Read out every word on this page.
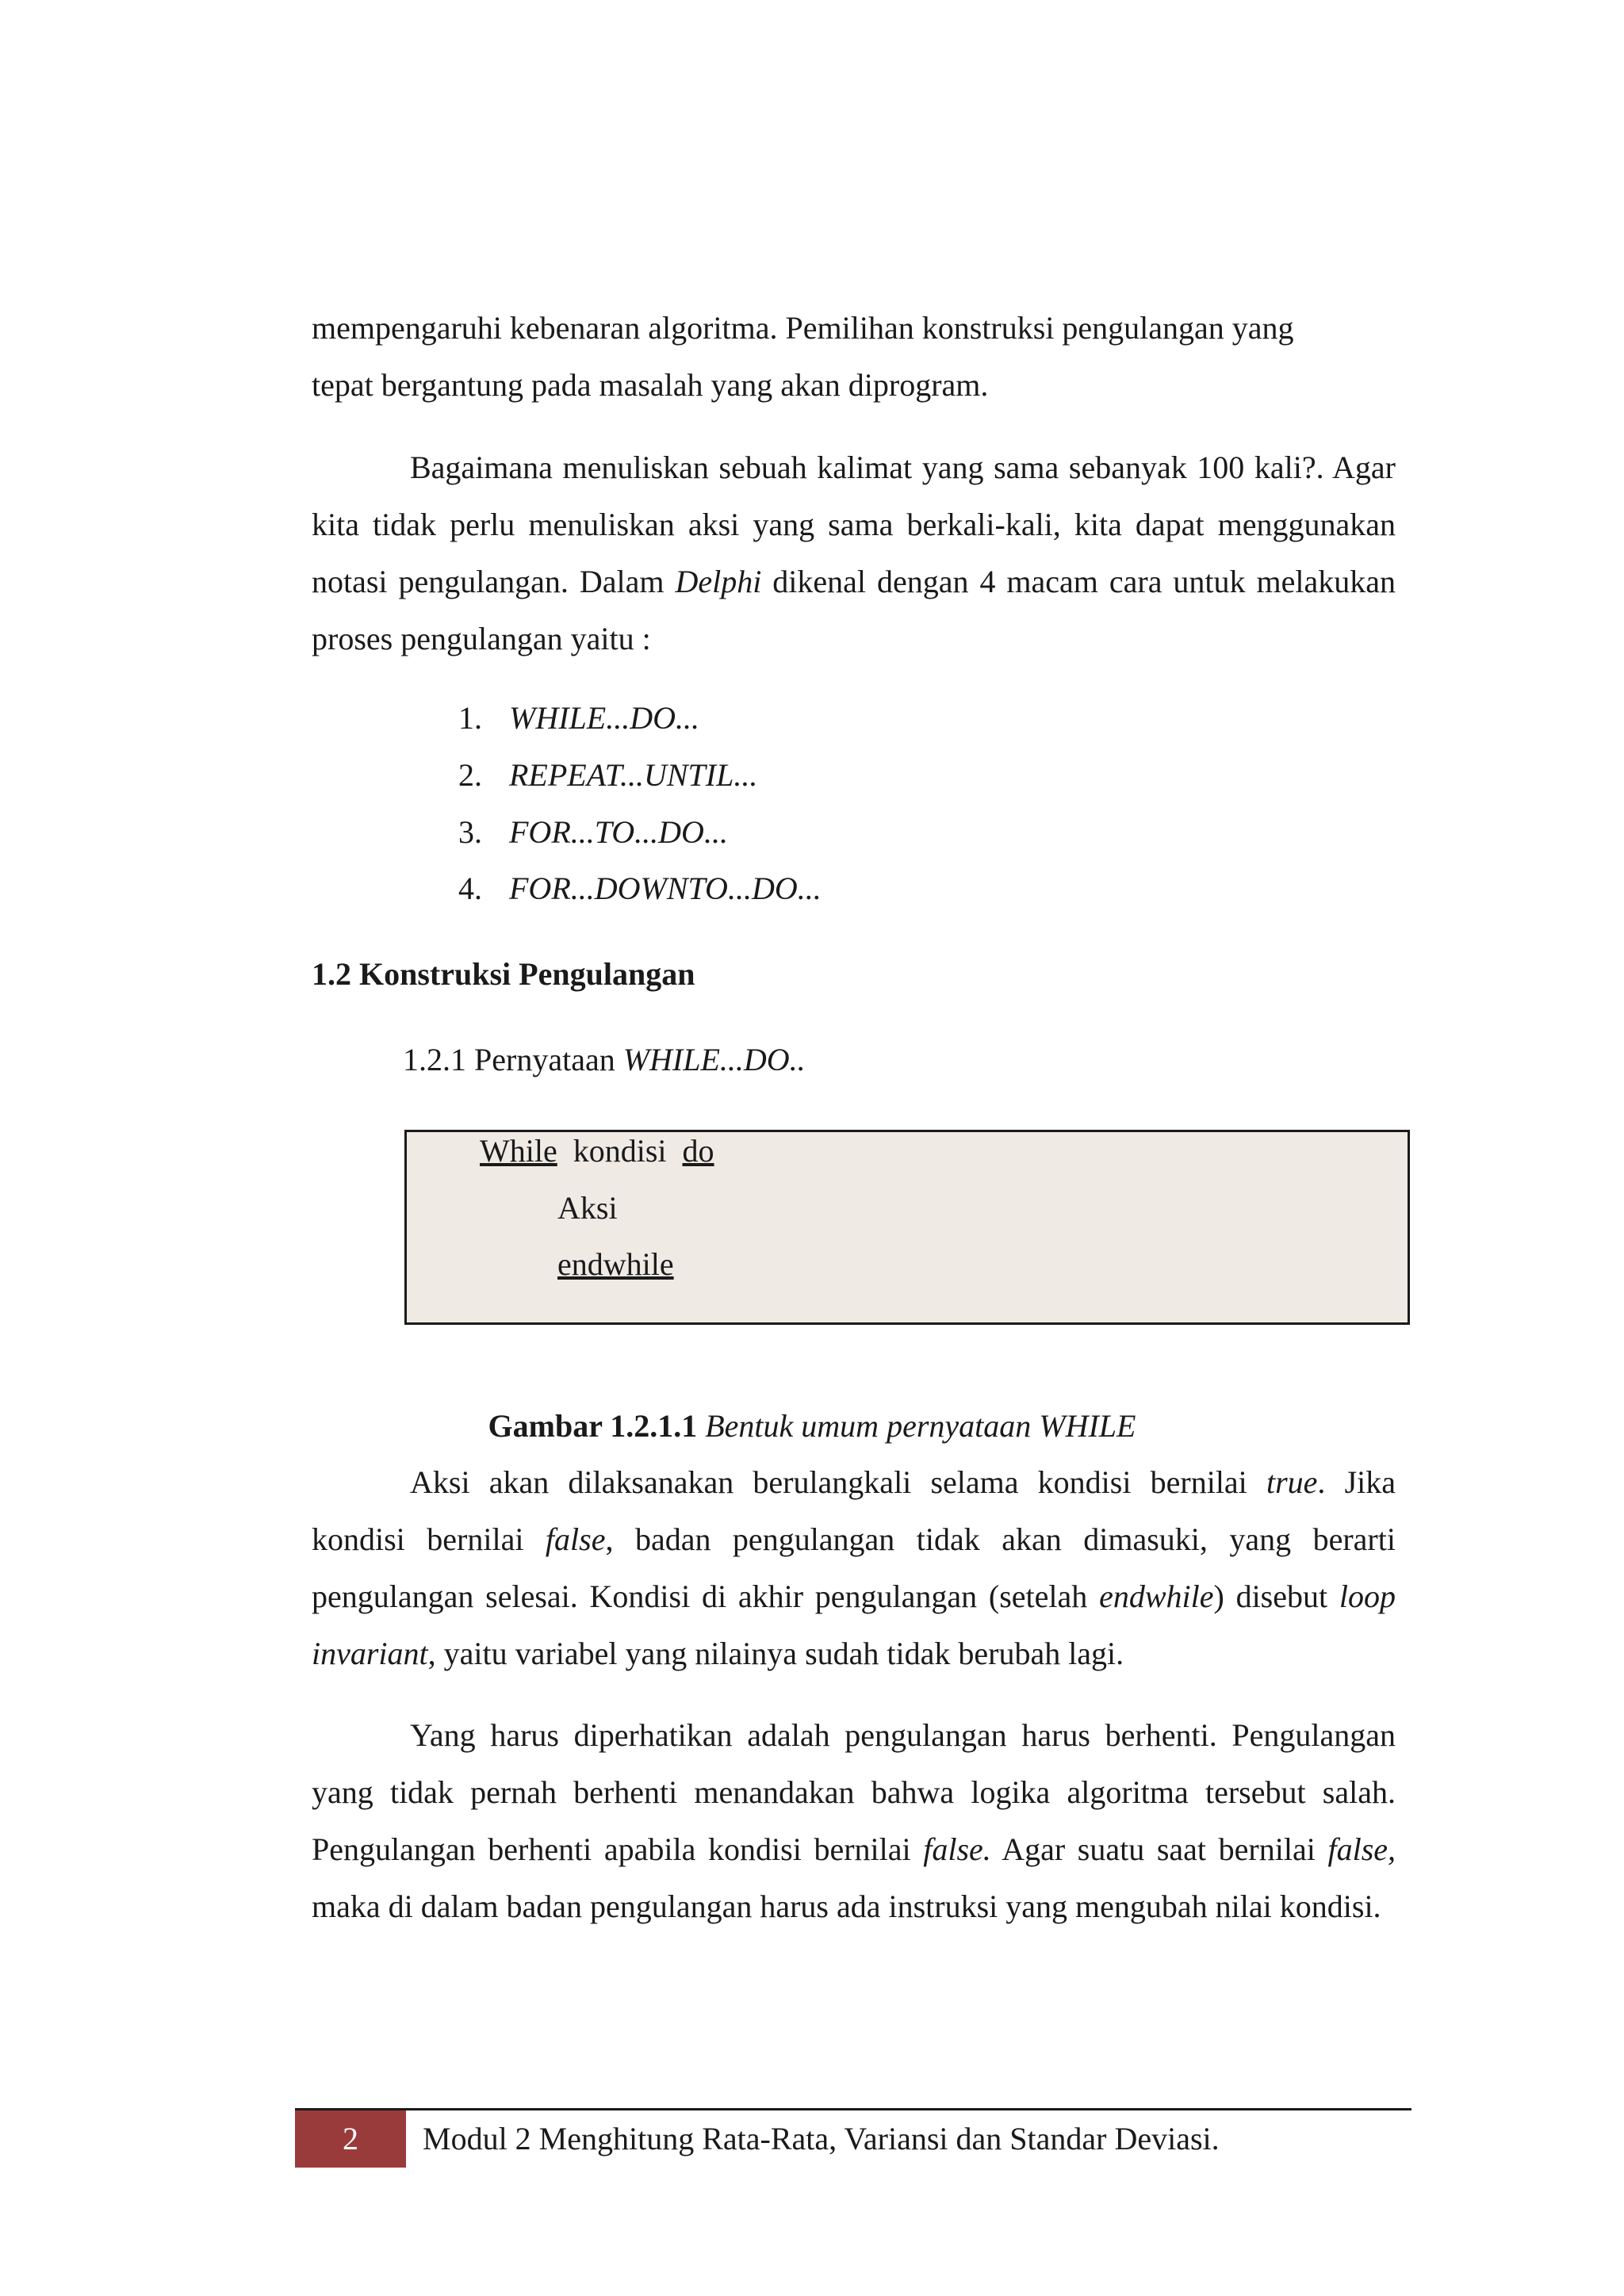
mempengaruhi kebenaran algoritma. Pemilihan konstruksi pengulangan yang
tepat bergantung pada masalah yang akan diprogram.

Bagaimana menuliskan sebuah kalimat yang sama sebanyak 100 kali?. Agar kita tidak perlu menuliskan aksi yang sama berkali-kali, kita dapat menggunakan notasi pengulangan. Dalam Delphi dikenal dengan 4 macam cara untuk melakukan proses pengulangan yaitu :

1. WHILE...DO...
2. REPEAT...UNTIL...
3. FOR...TO...DO...
4. FOR...DOWNTO...DO...
1.2 Konstruksi Pengulangan

1.2.1 Pernyataan WHILE...DO..

While  kondisi  do
Aksi
endwhile

Gambar 1.2.1.1 Bentuk umum pernyataan WHILE

Aksi akan dilaksanakan berulangkali selama kondisi bernilai true. Jika kondisi bernilai false, badan pengulangan tidak akan dimasuki, yang berarti pengulangan selesai. Kondisi di akhir pengulangan (setelah endwhile) disebut loop invariant, yaitu variabel yang nilainya sudah tidak berubah lagi.

Yang harus diperhatikan adalah pengulangan harus berhenti. Pengulangan yang tidak pernah berhenti menandakan bahwa logika algoritma tersebut salah. Pengulangan berhenti apabila kondisi bernilai false. Agar suatu saat bernilai false, maka di dalam badan pengulangan harus ada instruksi yang mengubah nilai kondisi.

2	Modul 2 Menghitung Rata-Rata, Variansi dan Standar Deviasi.
